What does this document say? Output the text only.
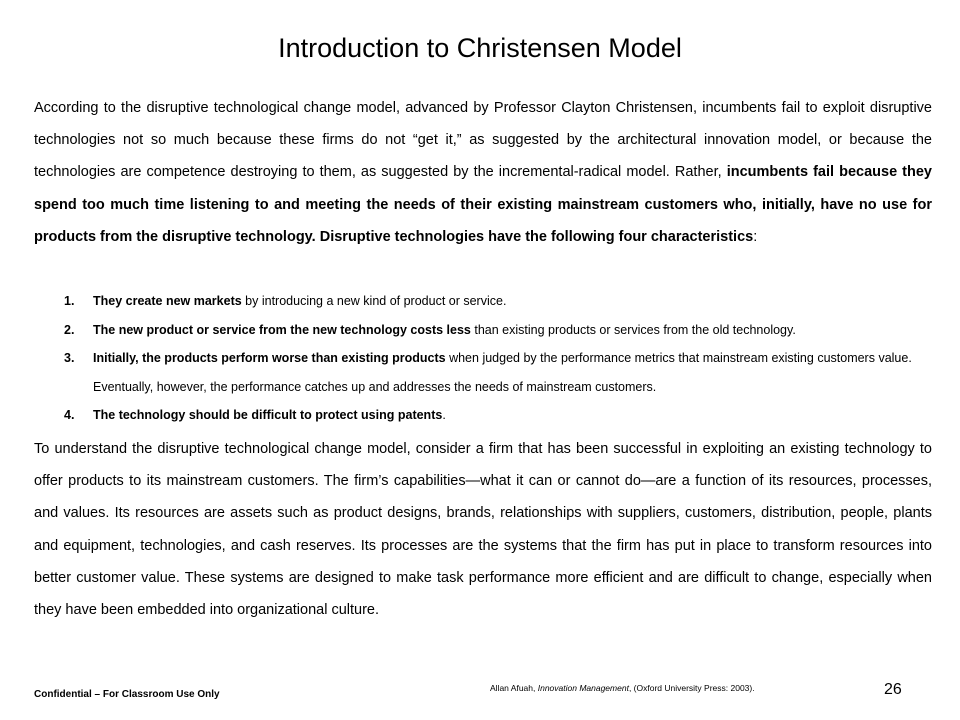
Introduction to Christensen Model

According to the disruptive technological change model, advanced by Professor Clayton Christensen, incumbents fail to exploit disruptive technologies not so much because these firms do not “get it,” as suggested by the architectural innovation model, or because the technologies are competence destroying to them, as suggested by the incremental-radical model. Rather, incumbents fail because they spend too much time listening to and meeting the needs of their existing mainstream customers who, initially, have no use for products from the disruptive technology. Disruptive technologies have the following four characteristics:

1. They create new markets by introducing a new kind of product or service.
2. The new product or service from the new technology costs less than existing products or services from the old technology.
3. Initially, the products perform worse than existing products when judged by the performance metrics that mainstream existing customers value. Eventually, however, the performance catches up and addresses the needs of mainstream customers.
4. The technology should be difficult to protect using patents.

To understand the disruptive technological change model, consider a firm that has been successful in exploiting an existing technology to offer products to its mainstream customers. The firm’s capabilities—what it can or cannot do—are a function of its resources, processes, and values. Its resources are assets such as product designs, brands, relationships with suppliers, customers, distribution, people, plants and equipment, technologies, and cash reserves. Its processes are the systems that the firm has put in place to transform resources into better customer value. These systems are designed to make task performance more efficient and are difficult to change, especially when they have been embedded into organizational culture.

Allan Afuah, Innovation Management, (Oxford University Press: 2003).	26
Confidential – For Classroom Use Only
